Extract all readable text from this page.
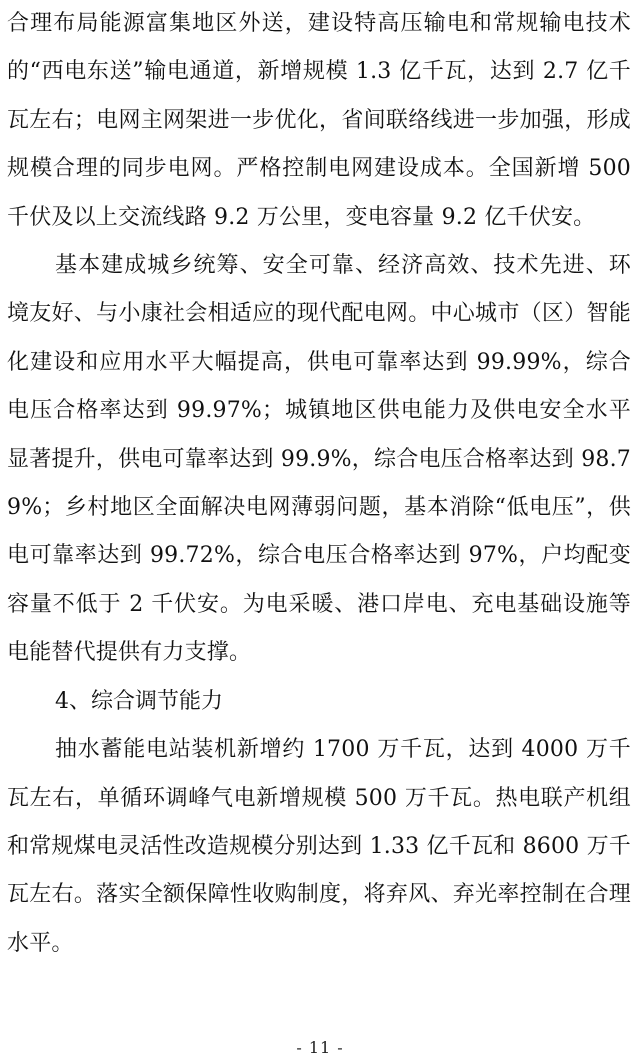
合理布局能源富集地区外送，建设特高压输电和常规输电技术的“西电东送”输电通道，新增规模 1.3 亿千瓦，达到 2.7 亿千瓦左右；电网主网架进一步优化，省间联络线进一步加强，形成规模合理的同步电网。严格控制电网建设成本。全国新增 500 千伏及以上交流线路 9.2 万公里，变电容量 9.2 亿千伏安。

基本建成城乡统筹、安全可靠、经济高效、技术先进、环境友好、与小康社会相适应的现代配电网。中心城市（区）智能化建设和应用水平大幅提高，供电可靠率达到 99.99%，综合电压合格率达到 99.97%；城镇地区供电能力及供电安全水平显著提升，供电可靠率达到 99.9%，综合电压合格率达到 98.79%；乡村地区全面解决电网薄弱问题，基本消除“低电压”，供电可靠率达到 99.72%，综合电压合格率达到 97%，户均配变容量不低于 2 千伏安。为电采暖、港口岸电、充电基础设施等电能替代提供有力支撑。

4、综合调节能力

抽水蓄能电站装机新增约 1700 万千瓦，达到 4000 万千瓦左右，单循环调峰气电新增规模 500 万千瓦。热电联产机组和常规煤电灵活性改造规模分别达到 1.33 亿千瓦和 8600 万千瓦左右。落实全额保障性收购制度，将弃风、弃光率控制在合理水平。

- 11 -
